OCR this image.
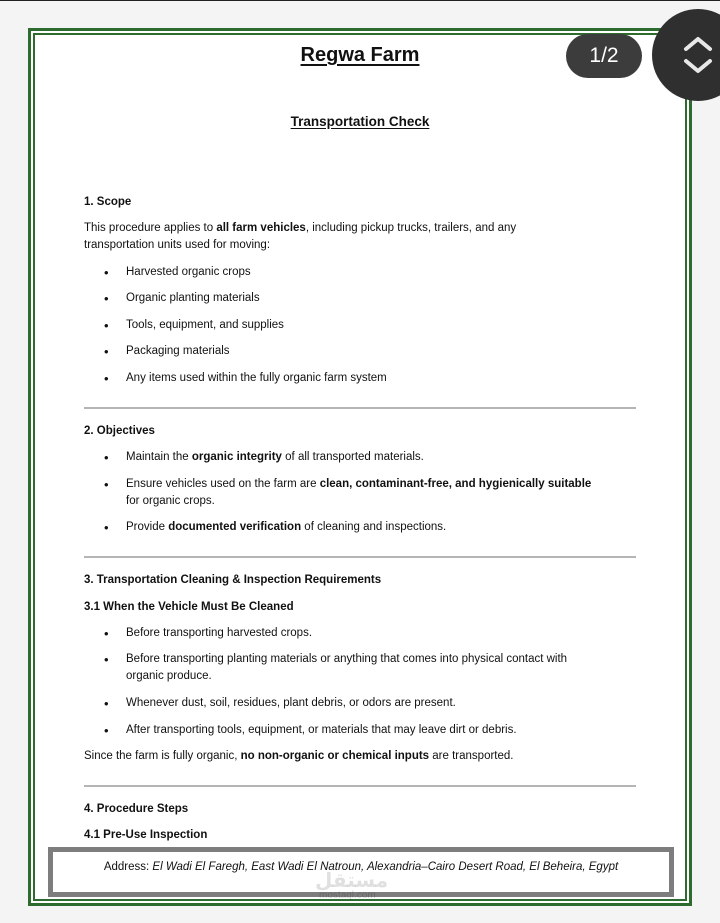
Regwa Farm
Transportation Check
1. Scope
This procedure applies to all farm vehicles, including pickup trucks, trailers, and any
transportation units used for moving:
• Harvested organic crops
• Organic planting materials
• Tools, equipment, and supplies
• Packaging materials
• Any items used within the fully organic farm system
2. Objectives
• Maintain the organic integrity of all transported materials.
• Ensure vehicles used on the farm are clean, contaminant-free, and hygienically suitable
for organic crops.
• Provide documented verification of cleaning and inspections.
3. Transportation Cleaning & Inspection Requirements
3.1 When the Vehicle Must Be Cleaned
• Before transporting harvested crops.
• Before transporting planting materials or anything that comes into physical contact with
organic produce.
• Whenever dust, soil, residues, plant debris, or odors are present.
• After transporting tools, equipment, or materials that may leave dirt or debris.
Since the farm is fully organic, no non-organic or chemical inputs are transported.
4. Procedure Steps
4.1 Pre-Use Inspection
Address: El Wadi El Faregh, East Wadi El Natroun, Alexandria–Cairo Desert Road, El Beheira, Egypt
مستقل
mostaql.com
1/2
